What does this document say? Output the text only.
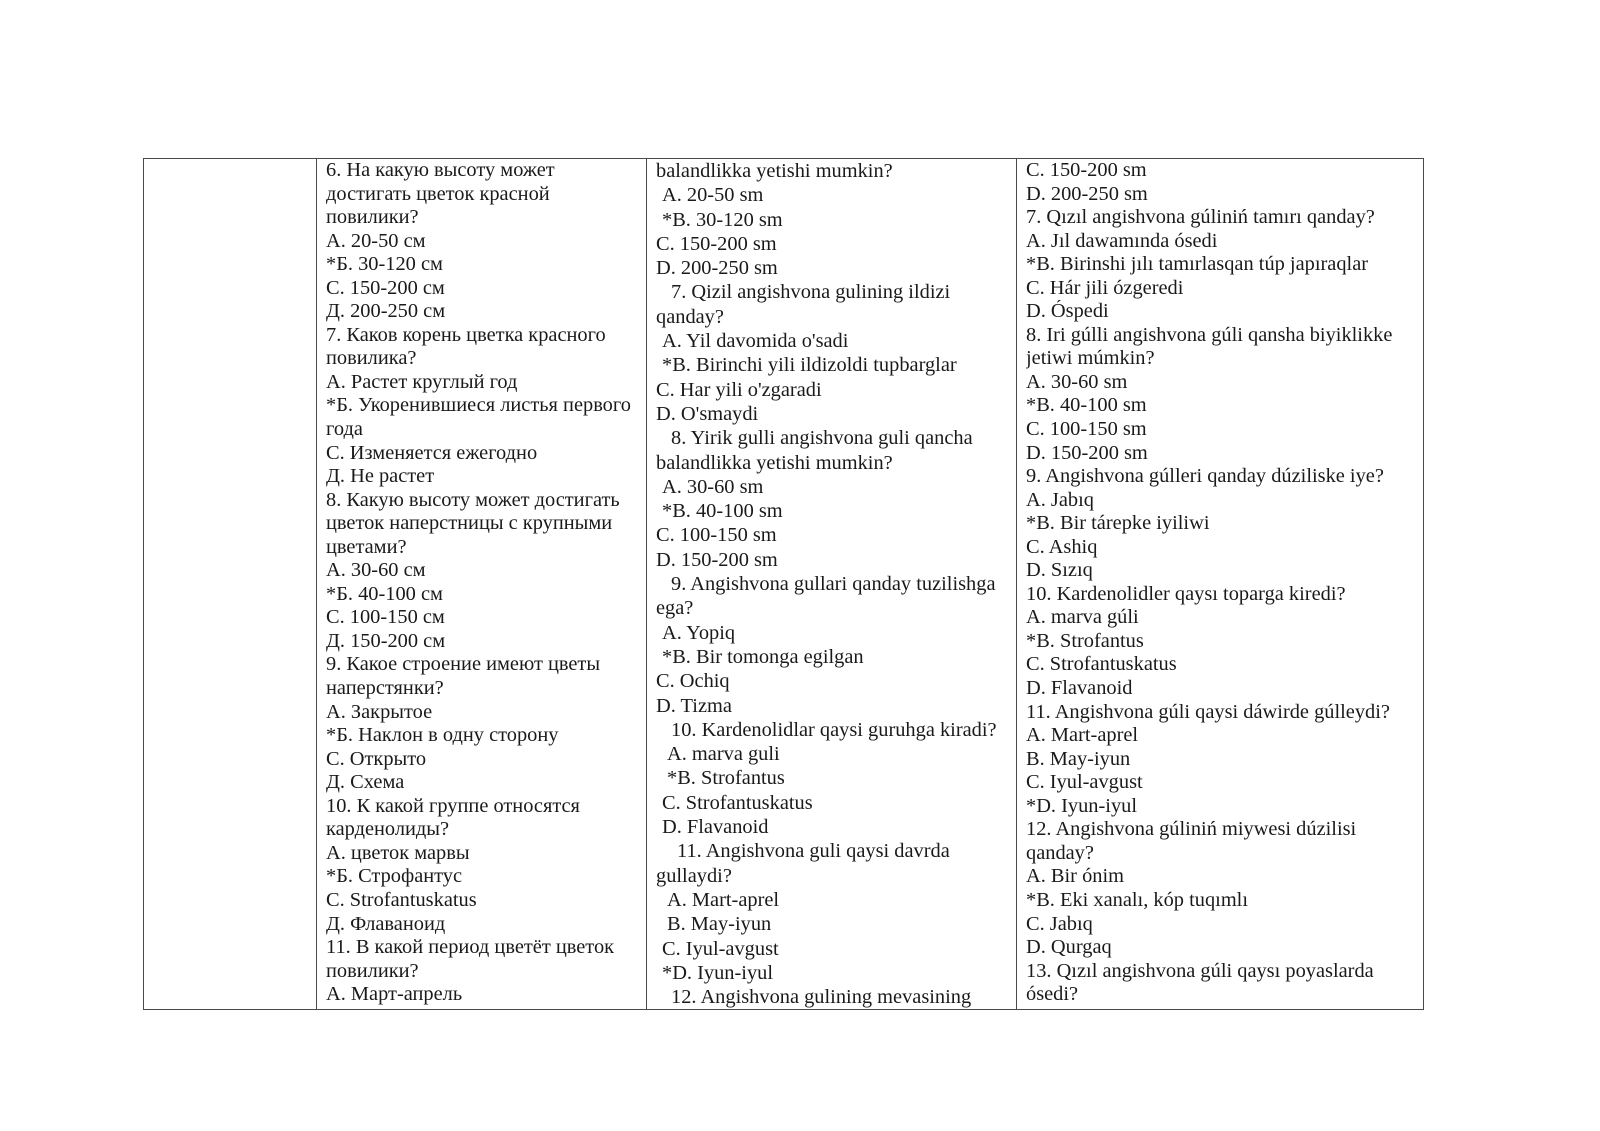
6. На какую высоту может
достигать цветок красной
повилики?
А. 20-50 см
*Б. 30-120 см
С. 150-200 см
Д. 200-250 см
7. Каков корень цветка красного
повилика?
А. Растет круглый год
*Б. Укоренившиеся листья первого
года
С. Изменяется ежегодно
Д. Не растет
8. Какую высоту может достигать
цветок наперстницы с крупными
цветами?
А. 30-60 см
*Б. 40-100 см
С. 100-150 см
Д. 150-200 см
9. Какое строение имеют цветы
наперстянки?
А. Закрытое
*Б. Наклон в одну сторону
С. Открыто
Д. Схема
10. К какой группе относятся
карденолиды?
А. цветок марвы
*Б. Строфантус
С. Strofantuskatus
Д. Флаваноид
11. В какой период цветёт цветок
повилики?
А. Март-апрель
balandlikka yetishi mumkin?
A. 20-50 sm
*B. 30-120 sm
C. 150-200 sm
D. 200-250 sm
7. Qizil angishvona gulining ildizi
qanday?
A. Yil davomida o'sadi
*B. Birinchi yili ildizoldi tupbarglar
C. Har yili o'zgaradi
D. O'smaydi
8. Yirik gulli angishvona guli qancha
balandlikka yetishi mumkin?
A. 30-60 sm
*B. 40-100 sm
C. 100-150 sm
D. 150-200 sm
9. Angishvona gullari qanday tuzilishga
ega?
A. Yopiq
*B. Bir tomonga egilgan
C. Ochiq
D. Tizma
10. Kardenolidlar qaysi guruhga kiradi?
A. marva guli
*B. Strofantus
C. Strofantuskatus
D. Flavanoid
11. Angishvona guli qaysi davrda
gullaydi?
A. Mart-aprel
B. May-iyun
C. Iyul-avgust
*D. Iyun-iyul
12. Angishvona gulining mevasining
C. 150-200 sm
D. 200-250 sm
7. Qızıl angishvona gúliniń tamırı qanday?
A. Jıl dawamında ósedi
*B. Birinshi jılı tamırlasqan túp japıraqlar
C. Hár jili ózgeredi
D. Óspedi
8. Iri gúlli angishvona gúli qansha biyiklikke
jetiwi múmkin?
A. 30-60 sm
*B. 40-100 sm
C. 100-150 sm
D. 150-200 sm
9. Angishvona gúlleri qanday dúziliske iye?
A. Jabıq
*B. Bir tárepke iyiliwi
C. Ashiq
D. Sızıq
10. Kardenolidler qaysı toparga kiredi?
A. marva gúli
*B. Strofantus
C. Strofantuskatus
D. Flavanoid
11. Angishvona gúli qaysi dáwirde gúlleydi?
A. Mart-aprel
B. May-iyun
C. Iyul-avgust
*D. Iyun-iyul
12. Angishvona gúliniń miywesi dúzilisi
qanday?
A. Bir ónim
*B. Eki xanalı, kóp tuqımlı
C. Jabıq
D. Qurgaq
13. Qızıl angishvona gúli qaysı poyaslarda
ósedi?
